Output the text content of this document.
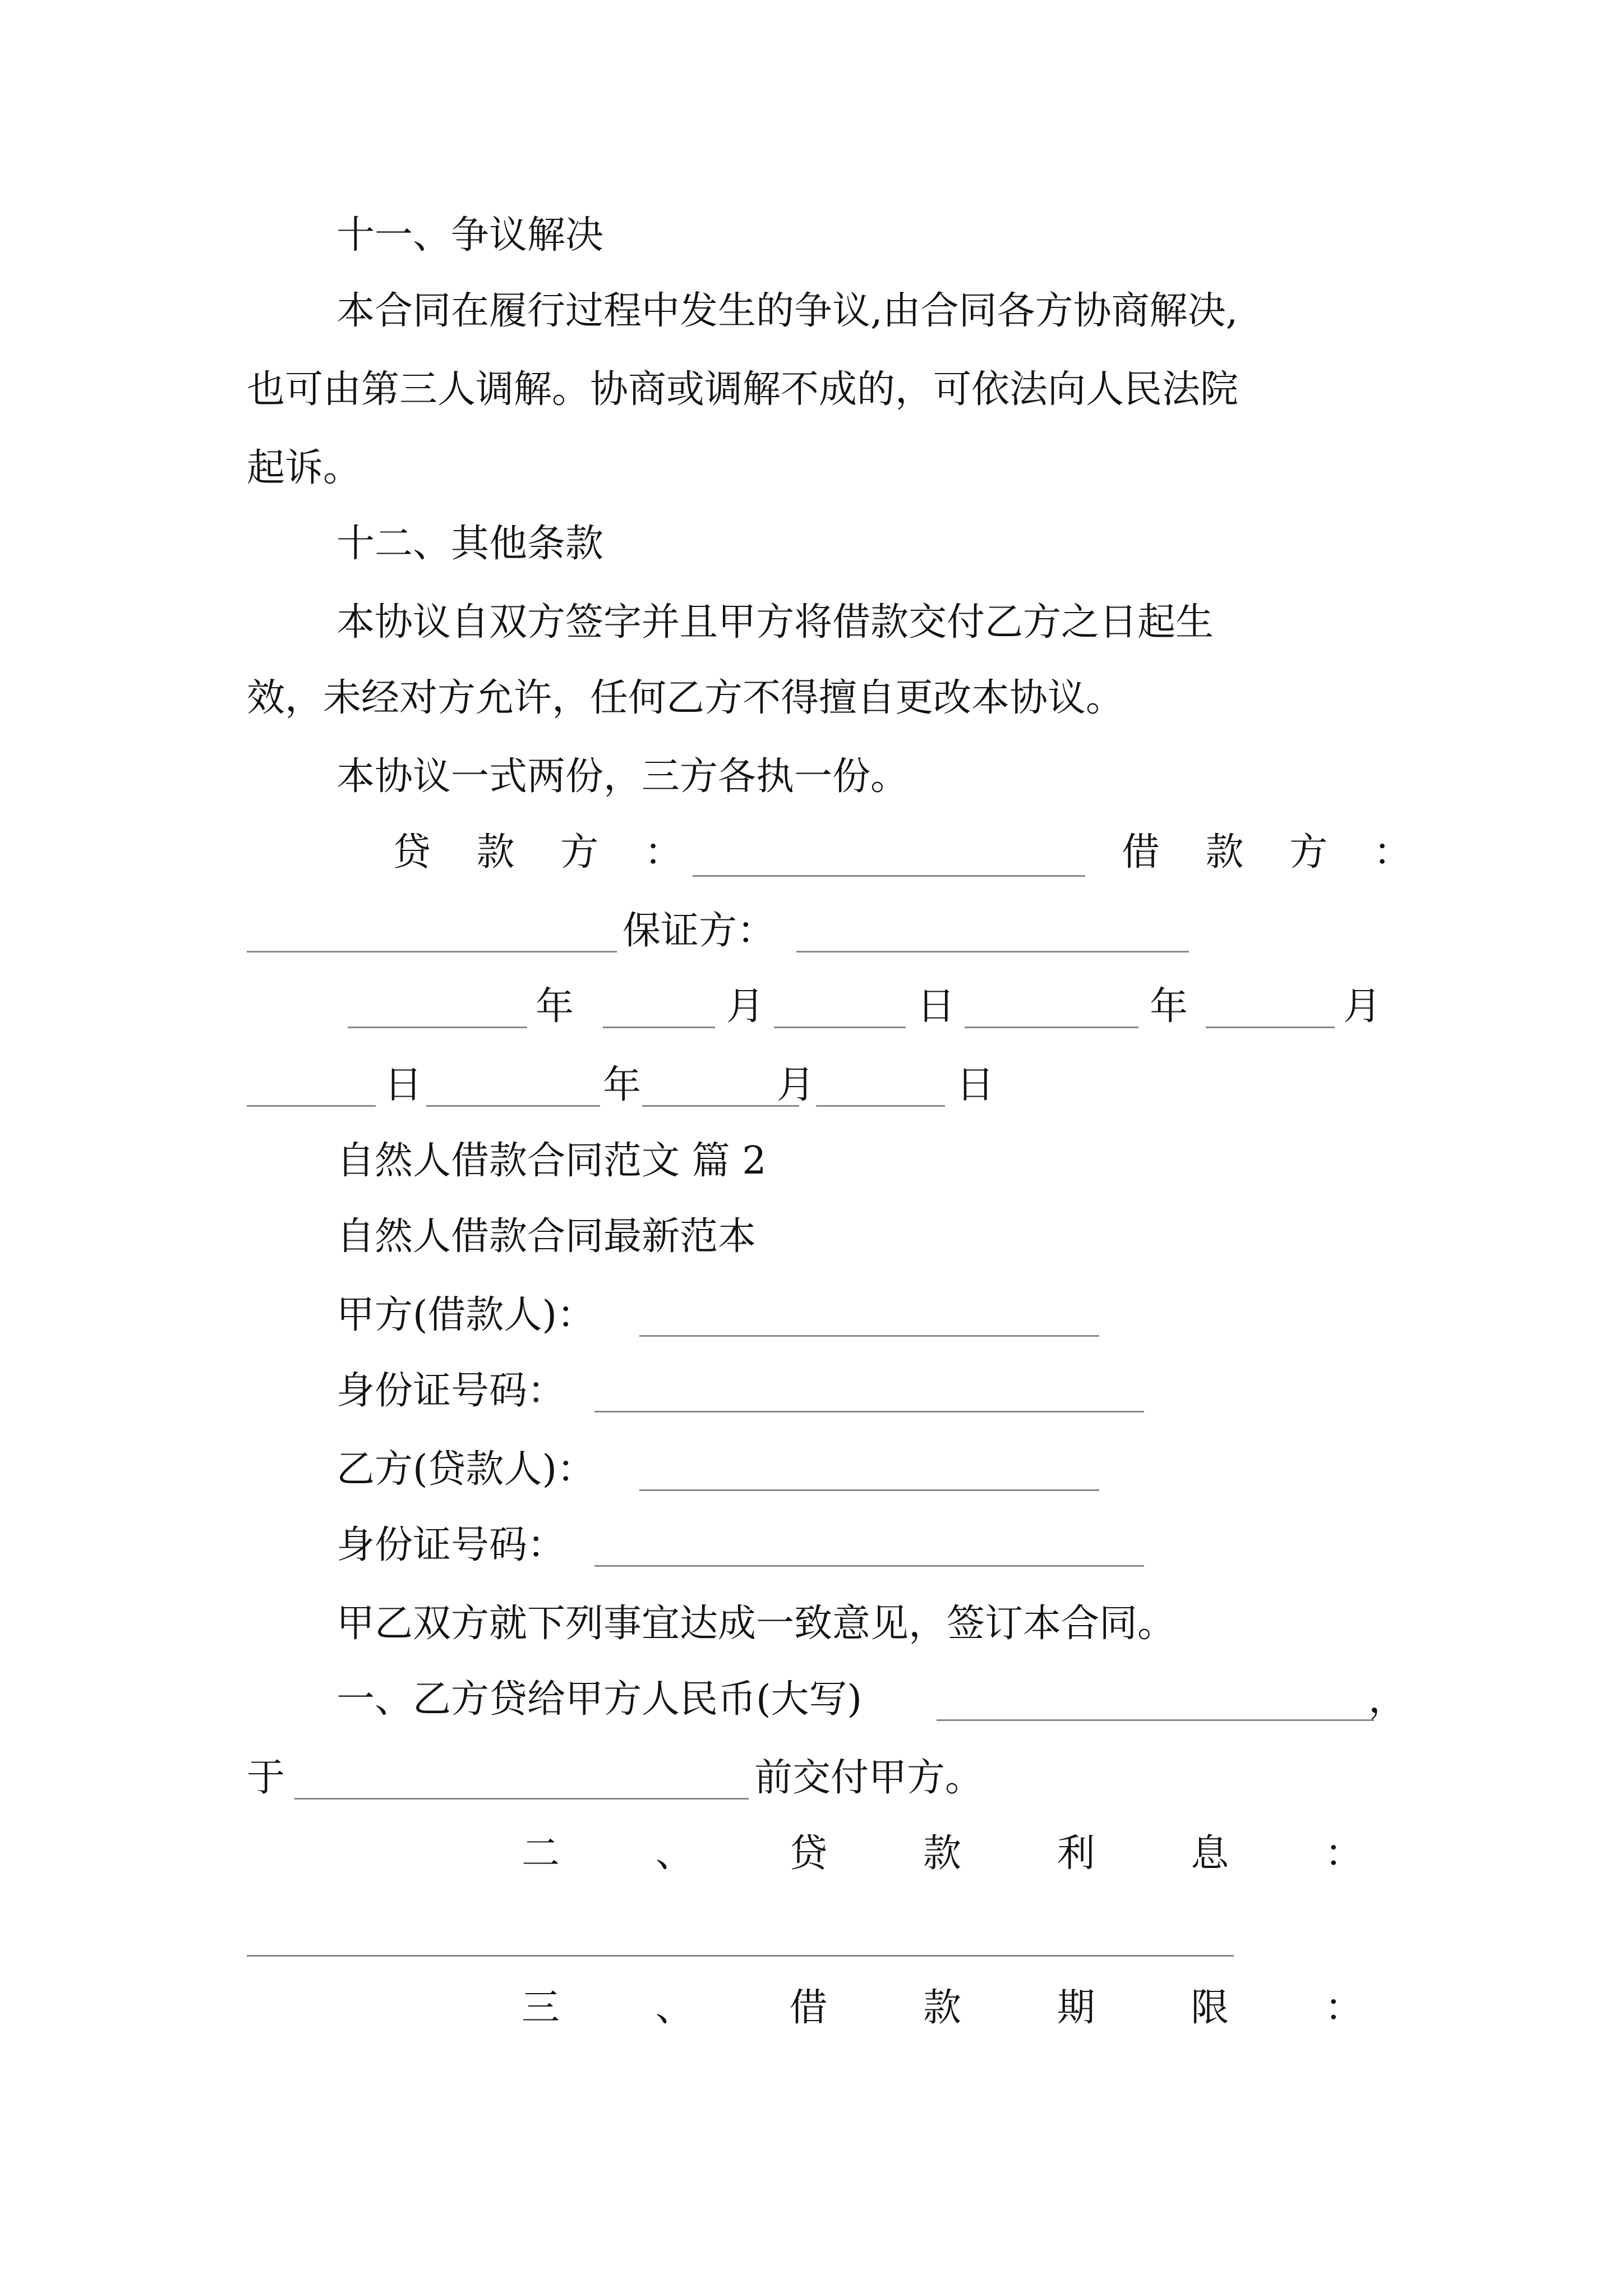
十一、争议解决
本合同在履行过程中发生的争议,由合同各方协商解决,
也可由第三人调解。协商或调解不成的，可依法向人民法院
起诉。
十二、其他条款
本协议自双方签字并且甲方将借款交付乙方之日起生
效，未经对方允许，任何乙方不得擅自更改本协议。
本协议一式两份，三方各执一份。
贷 款 方 ：	借 款 方 ：
保证方：
年	月	日	年	月
日	年	月	日
自然人借款合同范文 篇 2
自然人借款合同最新范本
甲方(借款人)：
身份证号码：
乙方(贷款人)：
身份证号码：
甲乙双方就下列事宜达成一致意见，签订本合同。
一、乙方贷给甲方人民币(大写)	，
于	前交付甲方。
二	、	贷	款	利	息	：
三	、	借	款	期	限	：
